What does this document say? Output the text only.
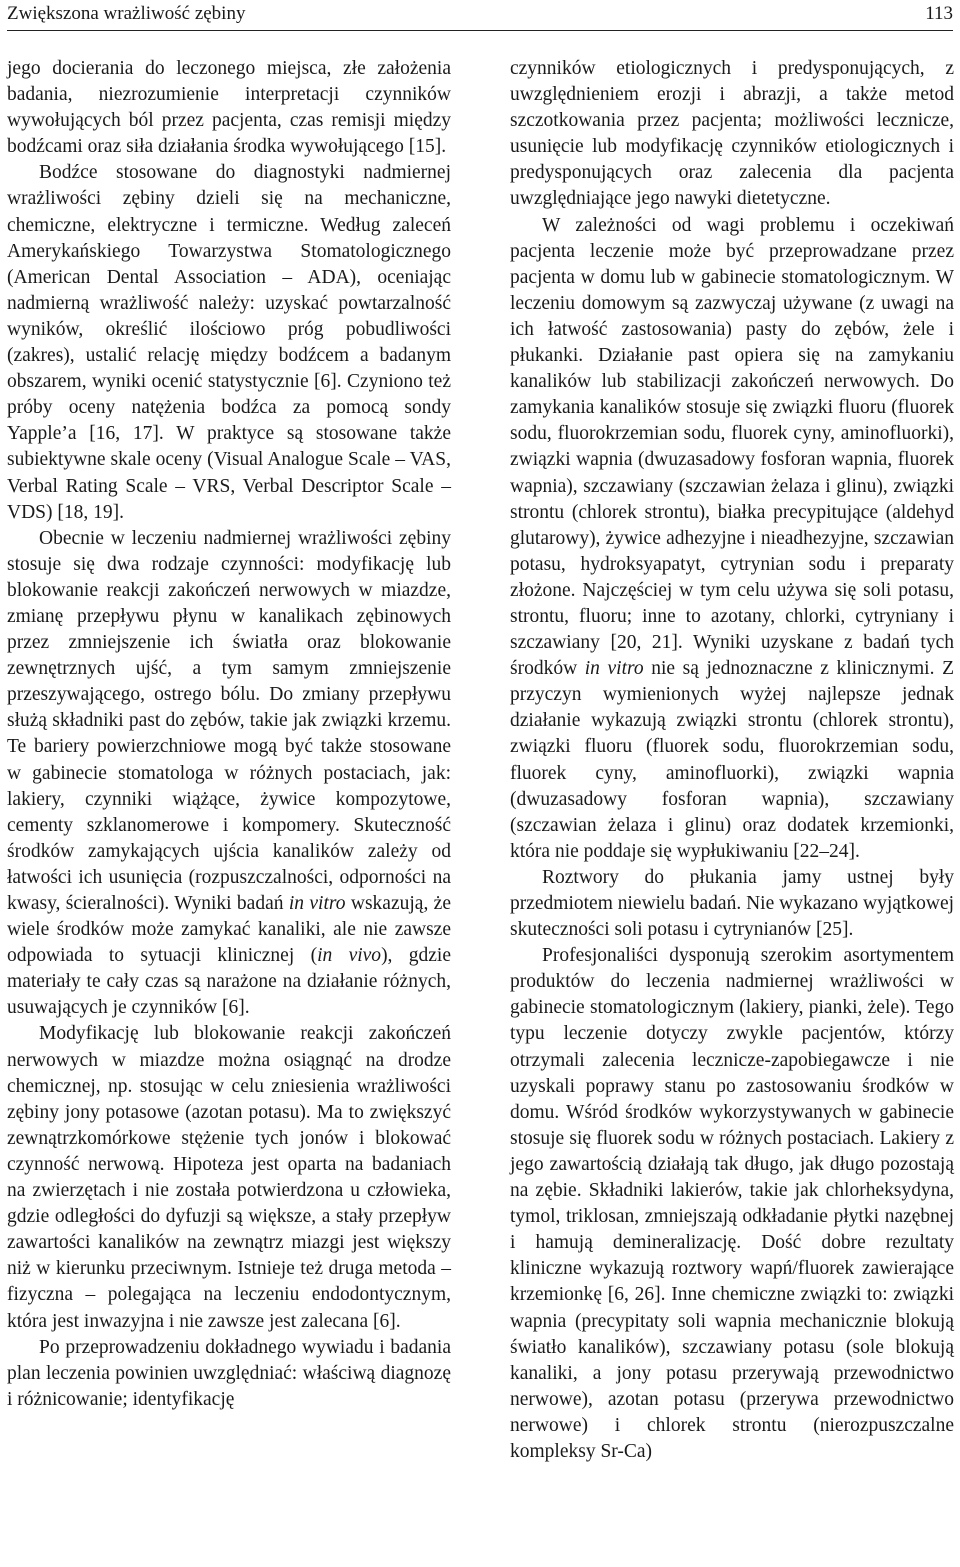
Zwiększona wrażliwość zębiny	113

jego docierania do leczonego miejsca, złe założenia badania, niezrozumienie interpretacji czynników wywołujących ból przez pacjenta, czas remisji między bodźcami oraz siła działania środka wywołującego [15].

Bodźce stosowane do diagnostyki nadmiernej wrażliwości zębiny dzieli się na mechaniczne, chemiczne, elektryczne i termiczne. Według zaleceń Amerykańskiego Towarzystwa Stomatologicznego (American Dental Association – ADA), oceniając nadmierną wrażliwość należy: uzyskać powtarzalność wyników, określić ilościowo próg pobudliwości (zakres), ustalić relację między bodźcem a badanym obszarem, wyniki ocenić statystycznie [6]. Czyniono też próby oceny natężenia bodźca za pomocą sondy Yapple’a [16, 17]. W praktyce są stosowane także subiektywne skale oceny (Visual Analogue Scale – VAS, Verbal Rating Scale – VRS, Verbal Descriptor Scale – VDS) [18, 19].

Obecnie w leczeniu nadmiernej wrażliwości zębiny stosuje się dwa rodzaje czynności: modyfikację lub blokowanie reakcji zakończeń nerwowych w miazdze, zmianę przepływu płynu w kanalikach zębinowych przez zmniejszenie ich światła oraz blokowanie zewnętrznych ujść, a tym samym zmniejszenie przeszywającego, ostrego bólu. Do zmiany przepływu służą składniki past do zębów, takie jak związki krzemu. Te bariery powierzchniowe mogą być także stosowane w gabinecie stomatologa w różnych postaciach, jak: lakiery, czynniki wiążące, żywice kompozytowe, cementy szklanomerowe i kompomery. Skuteczność środków zamykających ujścia kanalików zależy od łatwości ich usunięcia (rozpuszczalności, odporności na kwasy, ścieralności). Wyniki badań in vitro wskazują, że wiele środków może zamykać kanaliki, ale nie zawsze odpowiada to sytuacji klinicznej (in vivo), gdzie materiały te cały czas są narażone na działanie różnych, usuwających je czynników [6].

Modyfikację lub blokowanie reakcji zakończeń nerwowych w miazdze można osiągnąć na drodze chemicznej, np. stosując w celu zniesienia wrażliwości zębiny jony potasowe (azotan potasu). Ma to zwiększyć zewnątrzkomórkowe stężenie tych jonów i blokować czynność nerwową. Hipoteza jest oparta na badaniach na zwierzętach i nie została potwierdzona u człowieka, gdzie odległości do dyfuzji są większe, a stały przepływ zawartości kanalików na zewnątrz miazgi jest większy niż w kierunku przeciwnym. Istnieje też druga metoda – fizyczna – polegająca na leczeniu endodontycznym, która jest inwazyjna i nie zawsze jest zalecana [6].

Po przeprowadzeniu dokładnego wywiadu i badania plan leczenia powinien uwzględniać: właściwą diagnozę i różnicowanie; identyfikację

czynników etiologicznych i predysponujących, z uwzględnieniem erozji i abrazji, a także metod szczotkowania przez pacjenta; możliwości lecznicze, usunięcie lub modyfikację czynników etiologicznych i predysponujących oraz zalecenia dla pacjenta uwzględniające jego nawyki dietetyczne.

W zależności od wagi problemu i oczekiwań pacjenta leczenie może być przeprowadzane przez pacjenta w domu lub w gabinecie stomatologicznym. W leczeniu domowym są zazwyczaj używane (z uwagi na ich łatwość zastosowania) pasty do zębów, żele i płukanki. Działanie past opiera się na zamykaniu kanalików lub stabilizacji zakończeń nerwowych. Do zamykania kanalików stosuje się związki fluoru (fluorek sodu, fluorokrzemian sodu, fluorek cyny, aminofluorki), związki wapnia (dwuzasadowy fosforan wapnia, fluorek wapnia), szczawiany (szczawian żelaza i glinu), związki strontu (chlorek strontu), białka precypitujące (aldehyd glutarowy), żywice adhezyjne i nieadhezyjne, szczawian potasu, hydroksyapatyt, cytrynian sodu i preparaty złożone. Najczęściej w tym celu używa się soli potasu, strontu, fluoru; inne to azotany, chlorki, cytryniany i szczawiany [20, 21]. Wyniki uzyskane z badań tych środków in vitro nie są jednoznaczne z klinicznymi. Z przyczyn wymienionych wyżej najlepsze jednak działanie wykazują związki strontu (chlorek strontu), związki fluoru (fluorek sodu, fluorokrzemian sodu, fluorek cyny, aminofluorki), związki wapnia (dwuzasadowy fosforan wapnia), szczawiany (szczawian żelaza i glinu) oraz dodatek krzemionki, która nie poddaje się wypłukiwaniu [22–24].

Roztwory do płukania jamy ustnej były przedmiotem niewielu badań. Nie wykazano wyjątkowej skuteczności soli potasu i cytrynianów [25].

Profesjonaliści dysponują szerokim asortymentem produktów do leczenia nadmiernej wrażliwości w gabinecie stomatologicznym (lakiery, pianki, żele). Tego typu leczenie dotyczy zwykle pacjentów, którzy otrzymali zalecenia lecznicze-zapobiegawcze i nie uzyskali poprawy stanu po zastosowaniu środków w domu. Wśród środków wykorzystywanych w gabinecie stosuje się fluorek sodu w różnych postaciach. Lakiery z jego zawartością działają tak długo, jak długo pozostają na zębie. Składniki lakierów, takie jak chlorheksydyna, tymol, triklosan, zmniejszają odkładanie płytki nazębnej i hamują demineralizację. Dość dobre rezultaty kliniczne wykazują roztwory wapń/fluorek zawierające krzemionkę [6, 26]. Inne chemiczne związki to: związki wapnia (precypitaty soli wapnia mechanicznie blokują światło kanalików), szczawiany potasu (sole blokują kanaliki, a jony potasu przerywają przewodnictwo nerwowe), azotan potasu (przerywa przewodnictwo nerwowe) i chlorek strontu (nierozpuszczalne kompleksy Sr-Ca)
